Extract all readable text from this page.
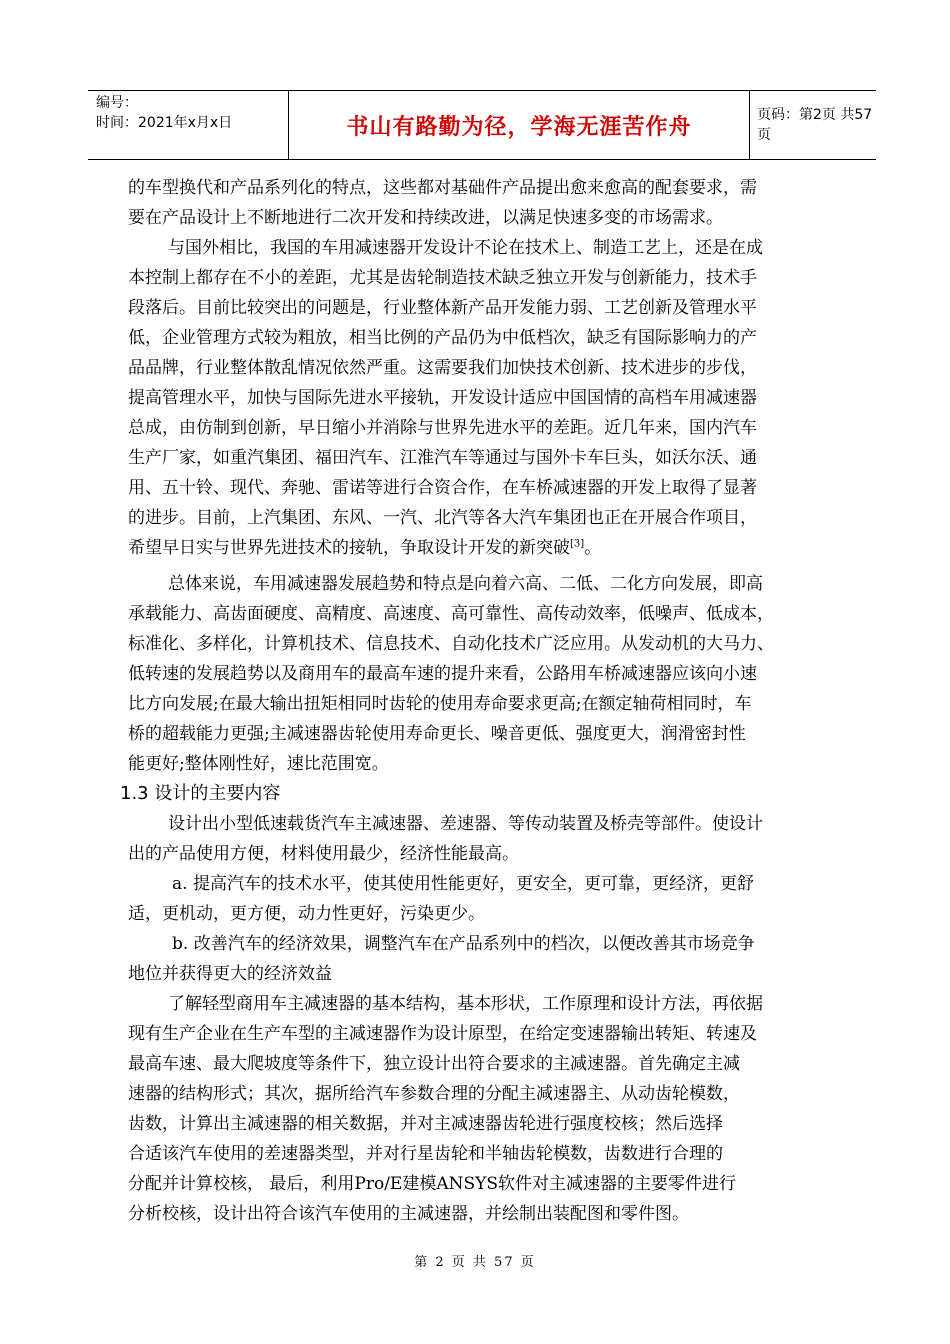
编号：
时间：2021年x月x日	书山有路勤为径，学海无涯苦作舟	页码：第2页 共57页
的车型换代和产品系列化的特点，这些都对基础件产品提出愈来愈高的配套要求，需
要在产品设计上不断地进行二次开发和持续改进，以满足快速多变的市场需求。
与国外相比，我国的车用减速器开发设计不论在技术上、制造工艺上，还是在成
本控制上都存在不小的差距，尤其是齿轮制造技术缺乏独立开发与创新能力，技术手
段落后。目前比较突出的问题是，行业整体新产品开发能力弱、工艺创新及管理水平
低，企业管理方式较为粗放，相当比例的产品仍为中低档次，缺乏有国际影响力的产
品品牌，行业整体散乱情况依然严重。这需要我们加快技术创新、技术进步的步伐，
提高管理水平，加快与国际先进水平接轨，开发设计适应中国国情的高档车用减速器
总成，由仿制到创新，早日缩小并消除与世界先进水平的差距。近几年来，国内汽车
生产厂家，如重汽集团、福田汽车、江淮汽车等通过与国外卡车巨头，如沃尔沃、通
用、五十铃、现代、奔驰、雷诺等进行合资合作，在车桥减速器的开发上取得了显著
的进步。目前，上汽集团、东风、一汽、北汽等各大汽车集团也正在开展合作项目，
希望早日实与世界先进技术的接轨，争取设计开发的新突破[3]。
总体来说，车用减速器发展趋势和特点是向着六高、二低、二化方向发展，即高
承载能力、高齿面硬度、高精度、高速度、高可靠性、高传动效率，低噪声、低成本，
标准化、多样化，计算机技术、信息技术、自动化技术广泛应用。从发动机的大马力、
低转速的发展趋势以及商用车的最高车速的提升来看，公路用车桥减速器应该向小速
比方向发展;在最大输出扭矩相同时齿轮的使用寿命要求更高;在额定轴荷相同时，车
桥的超载能力更强;主减速器齿轮使用寿命更长、噪音更低、强度更大，润滑密封性
能更好;整体刚性好，速比范围宽。
1.3 设计的主要内容
设计出小型低速载货汽车主减速器、差速器、等传动装置及桥壳等部件。使设计
出的产品使用方便，材料使用最少，经济性能最高。
a. 提高汽车的技术水平，使其使用性能更好，更安全，更可靠，更经济，更舒
适，更机动，更方便，动力性更好，污染更少。
b. 改善汽车的经济效果，调整汽车在产品系列中的档次，以便改善其市场竞争
地位并获得更大的经济效益
了解轻型商用车主减速器的基本结构，基本形状，工作原理和设计方法，再依据
现有生产企业在生产车型的主减速器作为设计原型，在给定变速器输出转矩、转速及
最高车速、最大爬坡度等条件下，独立设计出符合要求的主减速器。首先确定主减
速器的结构形式；其次，据所给汽车参数合理的分配主减速器主、从动齿轮模数，
齿数，计算出主减速器的相关数据，并对主减速器齿轮进行强度校核；然后选择
合适该汽车使用的差速器类型，并对行星齿轮和半轴齿轮模数，齿数进行合理的
分配并计算校核， 最后，利用Pro/E建模ANSYS软件对主减速器的主要零件进行
分析校核，设计出符合该汽车使用的主减速器，并绘制出装配图和零件图。
第 2 页 共 57 页
